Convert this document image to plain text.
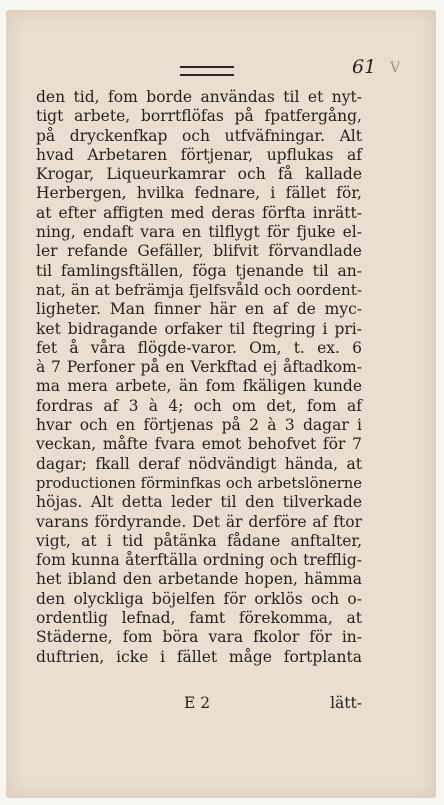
61 V
den tid, fom borde användas til et nyt-
tigt arbete, borrtflöfas på fpatfergång,
på dryckenfkap och utfväfningar. Alt
hvad Arbetaren förtjenar, upflukas af
Krogar, Liqueurkamrar och få kallade
Herbergen, hvilka fednare, i fället för,
at efter affigten med deras förfta inrätt-
ning, endaft vara en tilflygt för fjuke el-
ler refande Gefäller, blifvit förvandlade
til famlingsftällen, föga tjenande til an-
nat, än at befrämja fjelfsvåld och oordent-
ligheter. Man finner här en af de myc-
ket bidragande orfaker til ftegring i pri-
fet å våra flögde-varor. Om, t. ex. 6
à 7 Perfoner på en Verkftad ej åftadkom-
ma mera arbete, än fom fkäligen kunde
fordras af 3 à 4; och om det, fom af
hvar och en förtjenas på 2 à 3 dagar i
veckan, måfte fvara emot behofvet för 7
dagar; fkall deraf nödvändigt hända, at
productionen förminfkas och arbetslönerne
höjas. Alt detta leder til den tilverkade
varans fördyrande. Det är derföre af ftor
vigt, at i tid påtänka fådane anftalter,
fom kunna återftälla ordning och trefflig-
het ibland den arbetande hopen, hämma
den olyckliga böjelfen för orklös och o-
ordentlig lefnad, famt förekomma, at
Städerne, fom böra vara fkolor för in-
duftrien, icke i fället måge fortplanta
E 2	lätt-
